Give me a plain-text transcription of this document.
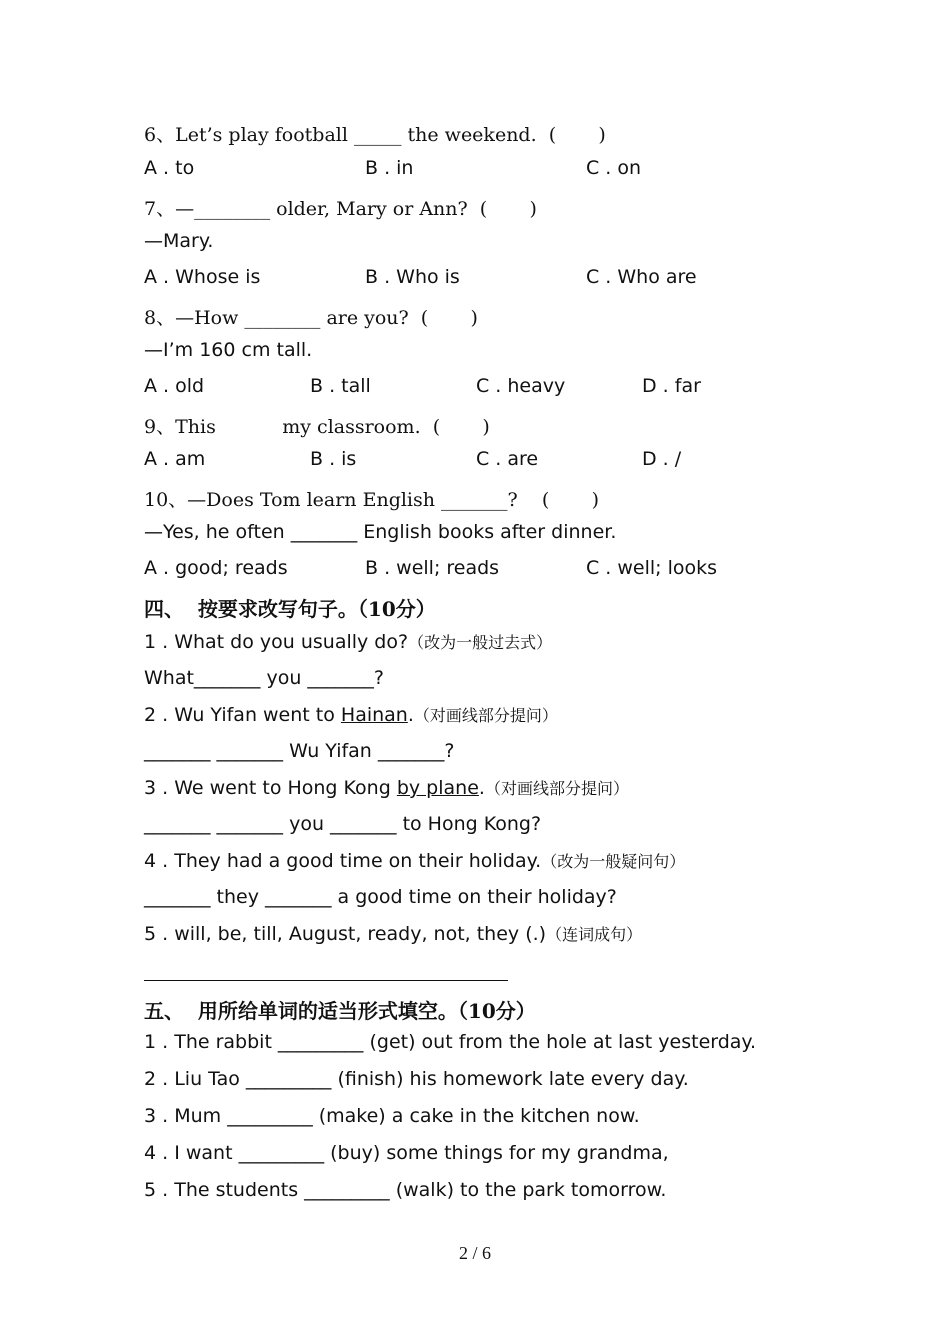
6、Let’s play football _____ the weekend.  (       )
A . to	B . in	C . on
7、—________ older, Mary or Ann?  (       )
—Mary.
A . Whose is	B . Who is	C . Who are
8、—How ________ are you?  (       )
—I’m 160 cm tall.
A . old	B . tall	C . heavy	D . far
9、This           my classroom.  (       )
A . am	B . is	C . are	D . /
10、—Does Tom learn English _______?    (       )
—Yes, he often _______ English books after dinner.
A . good; reads	B . well; reads	C . well; looks
四、  按要求改写句子。（10分）
1 . What do you usually do?（改为一般过去式）
What_______ you _______?
2 . Wu Yifan went to Hainan.（对画线部分提问）
_______ _______ Wu Yifan _______?
3 . We went to Hong Kong by plane.（对画线部分提问）
_______ _______ you _______ to Hong Kong?
4 . They had a good time on their holiday.（改为一般疑问句）
_______ they _______ a good time on their holiday?
5 . will, be, till, August, ready, not, they (.)（连词成句）
五、  用所给单词的适当形式填空。（10分）
1 . The rabbit _________ (get) out from the hole at last yesterday.
2 . Liu Tao _________ (finish) his homework late every day.
3 . Mum _________ (make) a cake in the kitchen now.
4 . I want _________ (buy) some things for my grandma,
5 . The students _________ (walk) to the park tomorrow.
2 / 6
